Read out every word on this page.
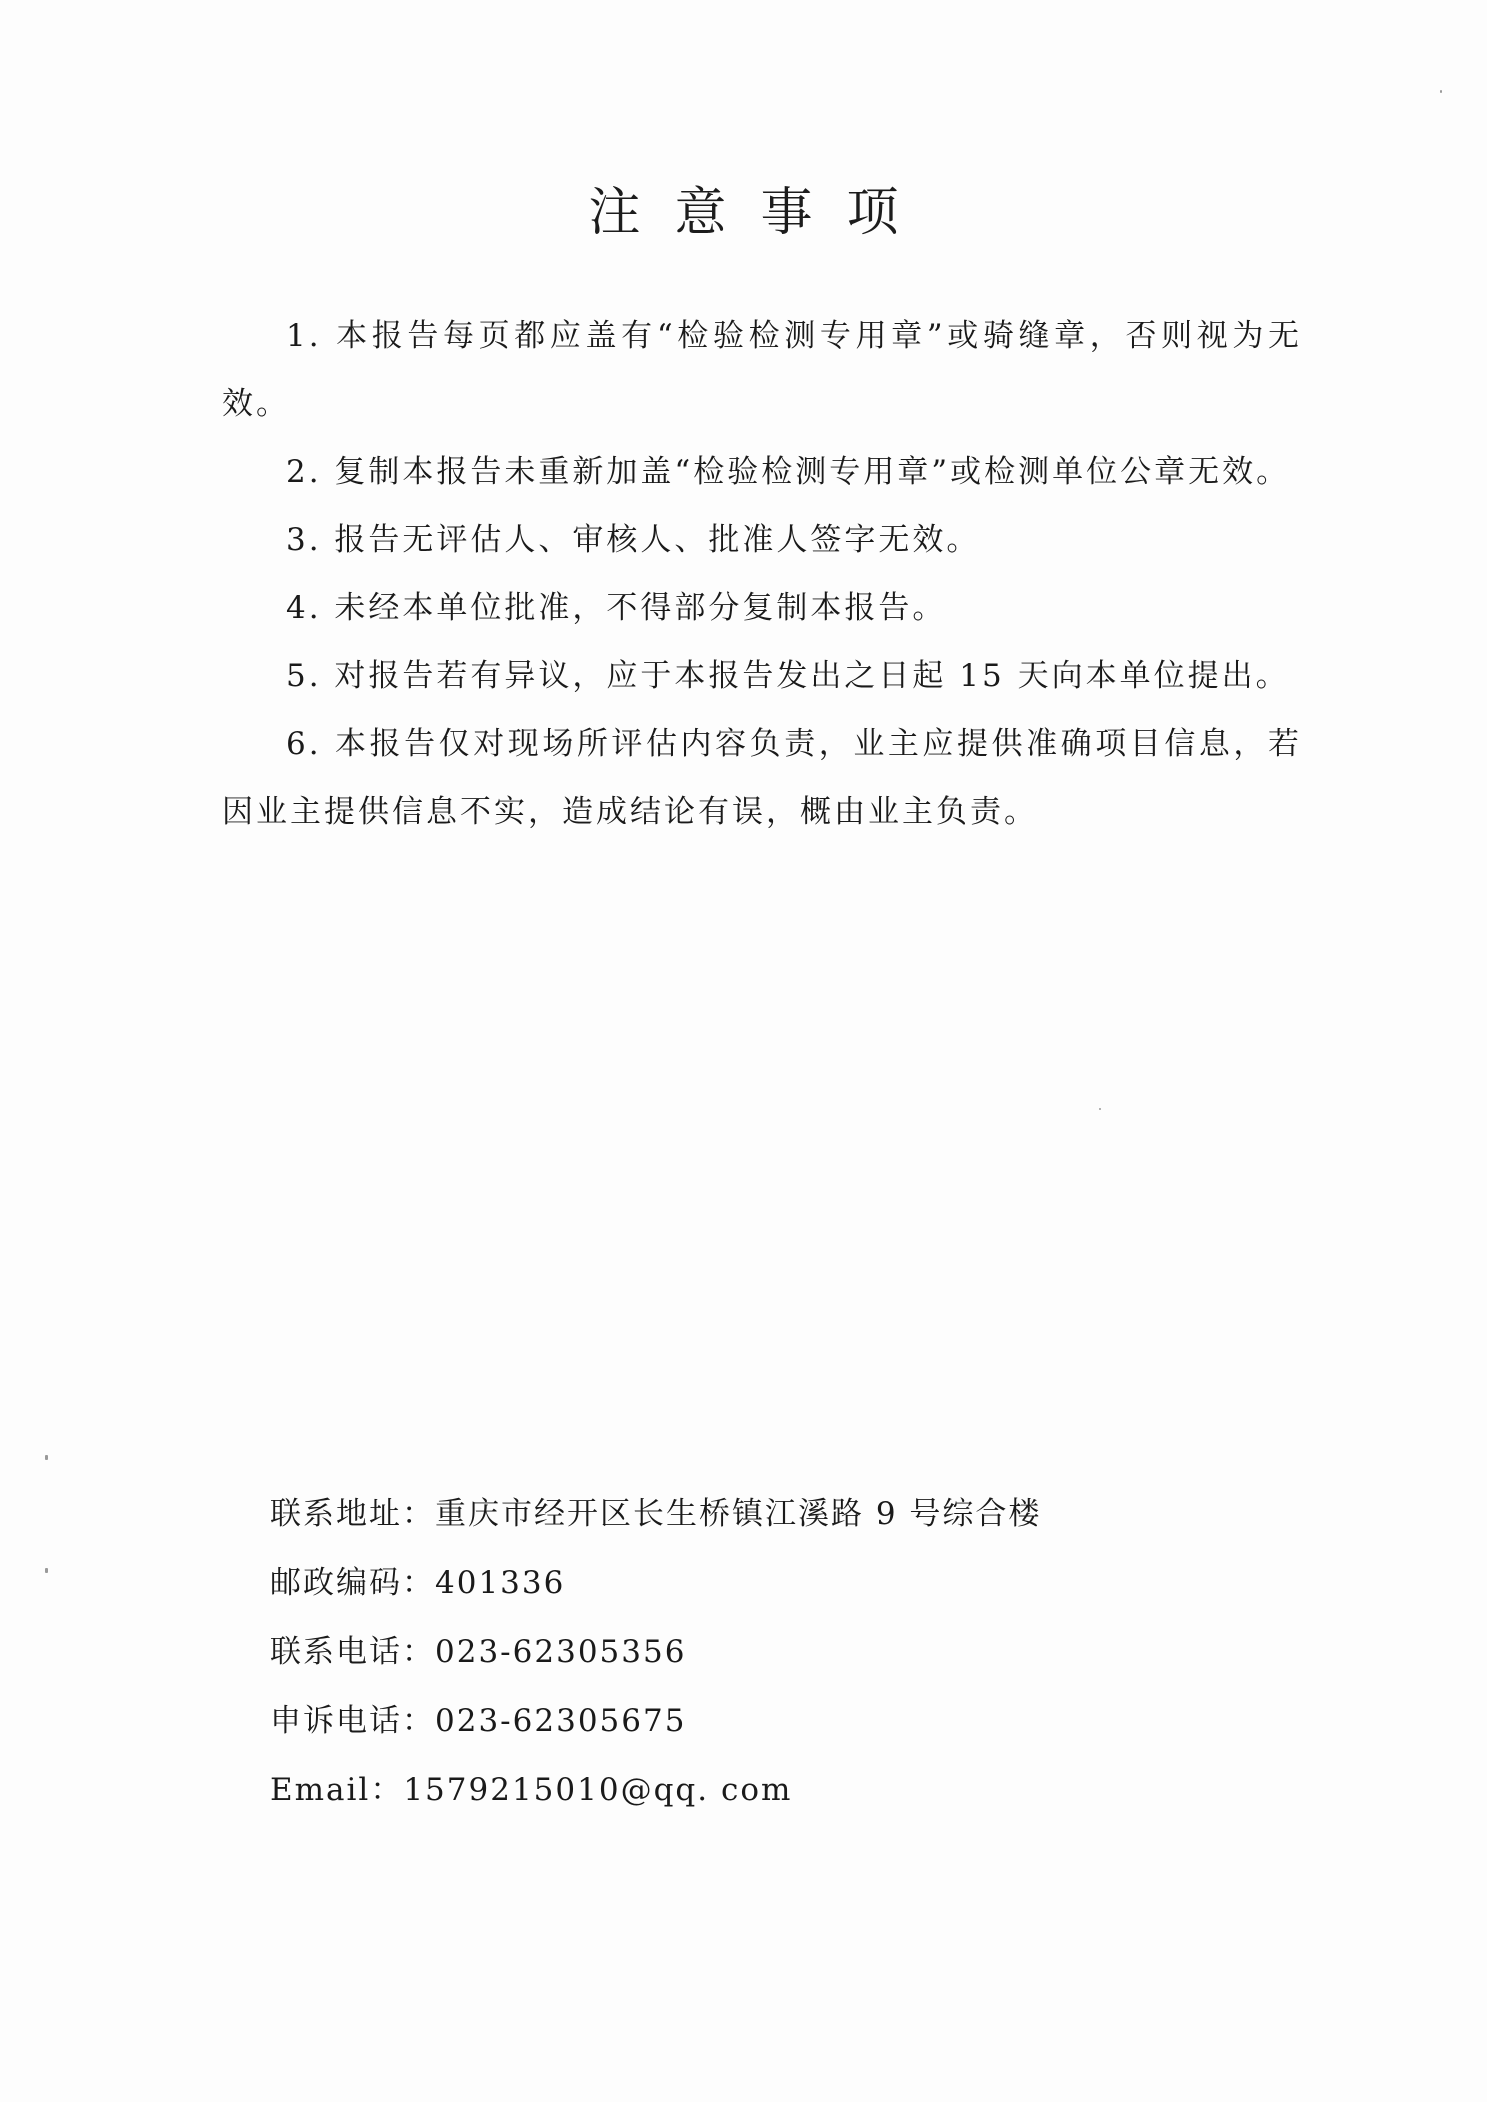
注意事项

1. 本报告每页都应盖有“检验检测专用章”或骑缝章，否则视为无效。

2. 复制本报告未重新加盖“检验检测专用章”或检测单位公章无效。

3. 报告无评估人、审核人、批准人签字无效。

4. 未经本单位批准，不得部分复制本报告。

5. 对报告若有异议，应于本报告发出之日起 15 天向本单位提出。

6. 本报告仅对现场所评估内容负责，业主应提供准确项目信息，若因业主提供信息不实，造成结论有误，概由业主负责。

联系地址：重庆市经开区长生桥镇江溪路 9 号综合楼
邮政编码：401336
联系电话：023-62305356
申诉电话：023-62305675
Email：1579215010@qq. com
